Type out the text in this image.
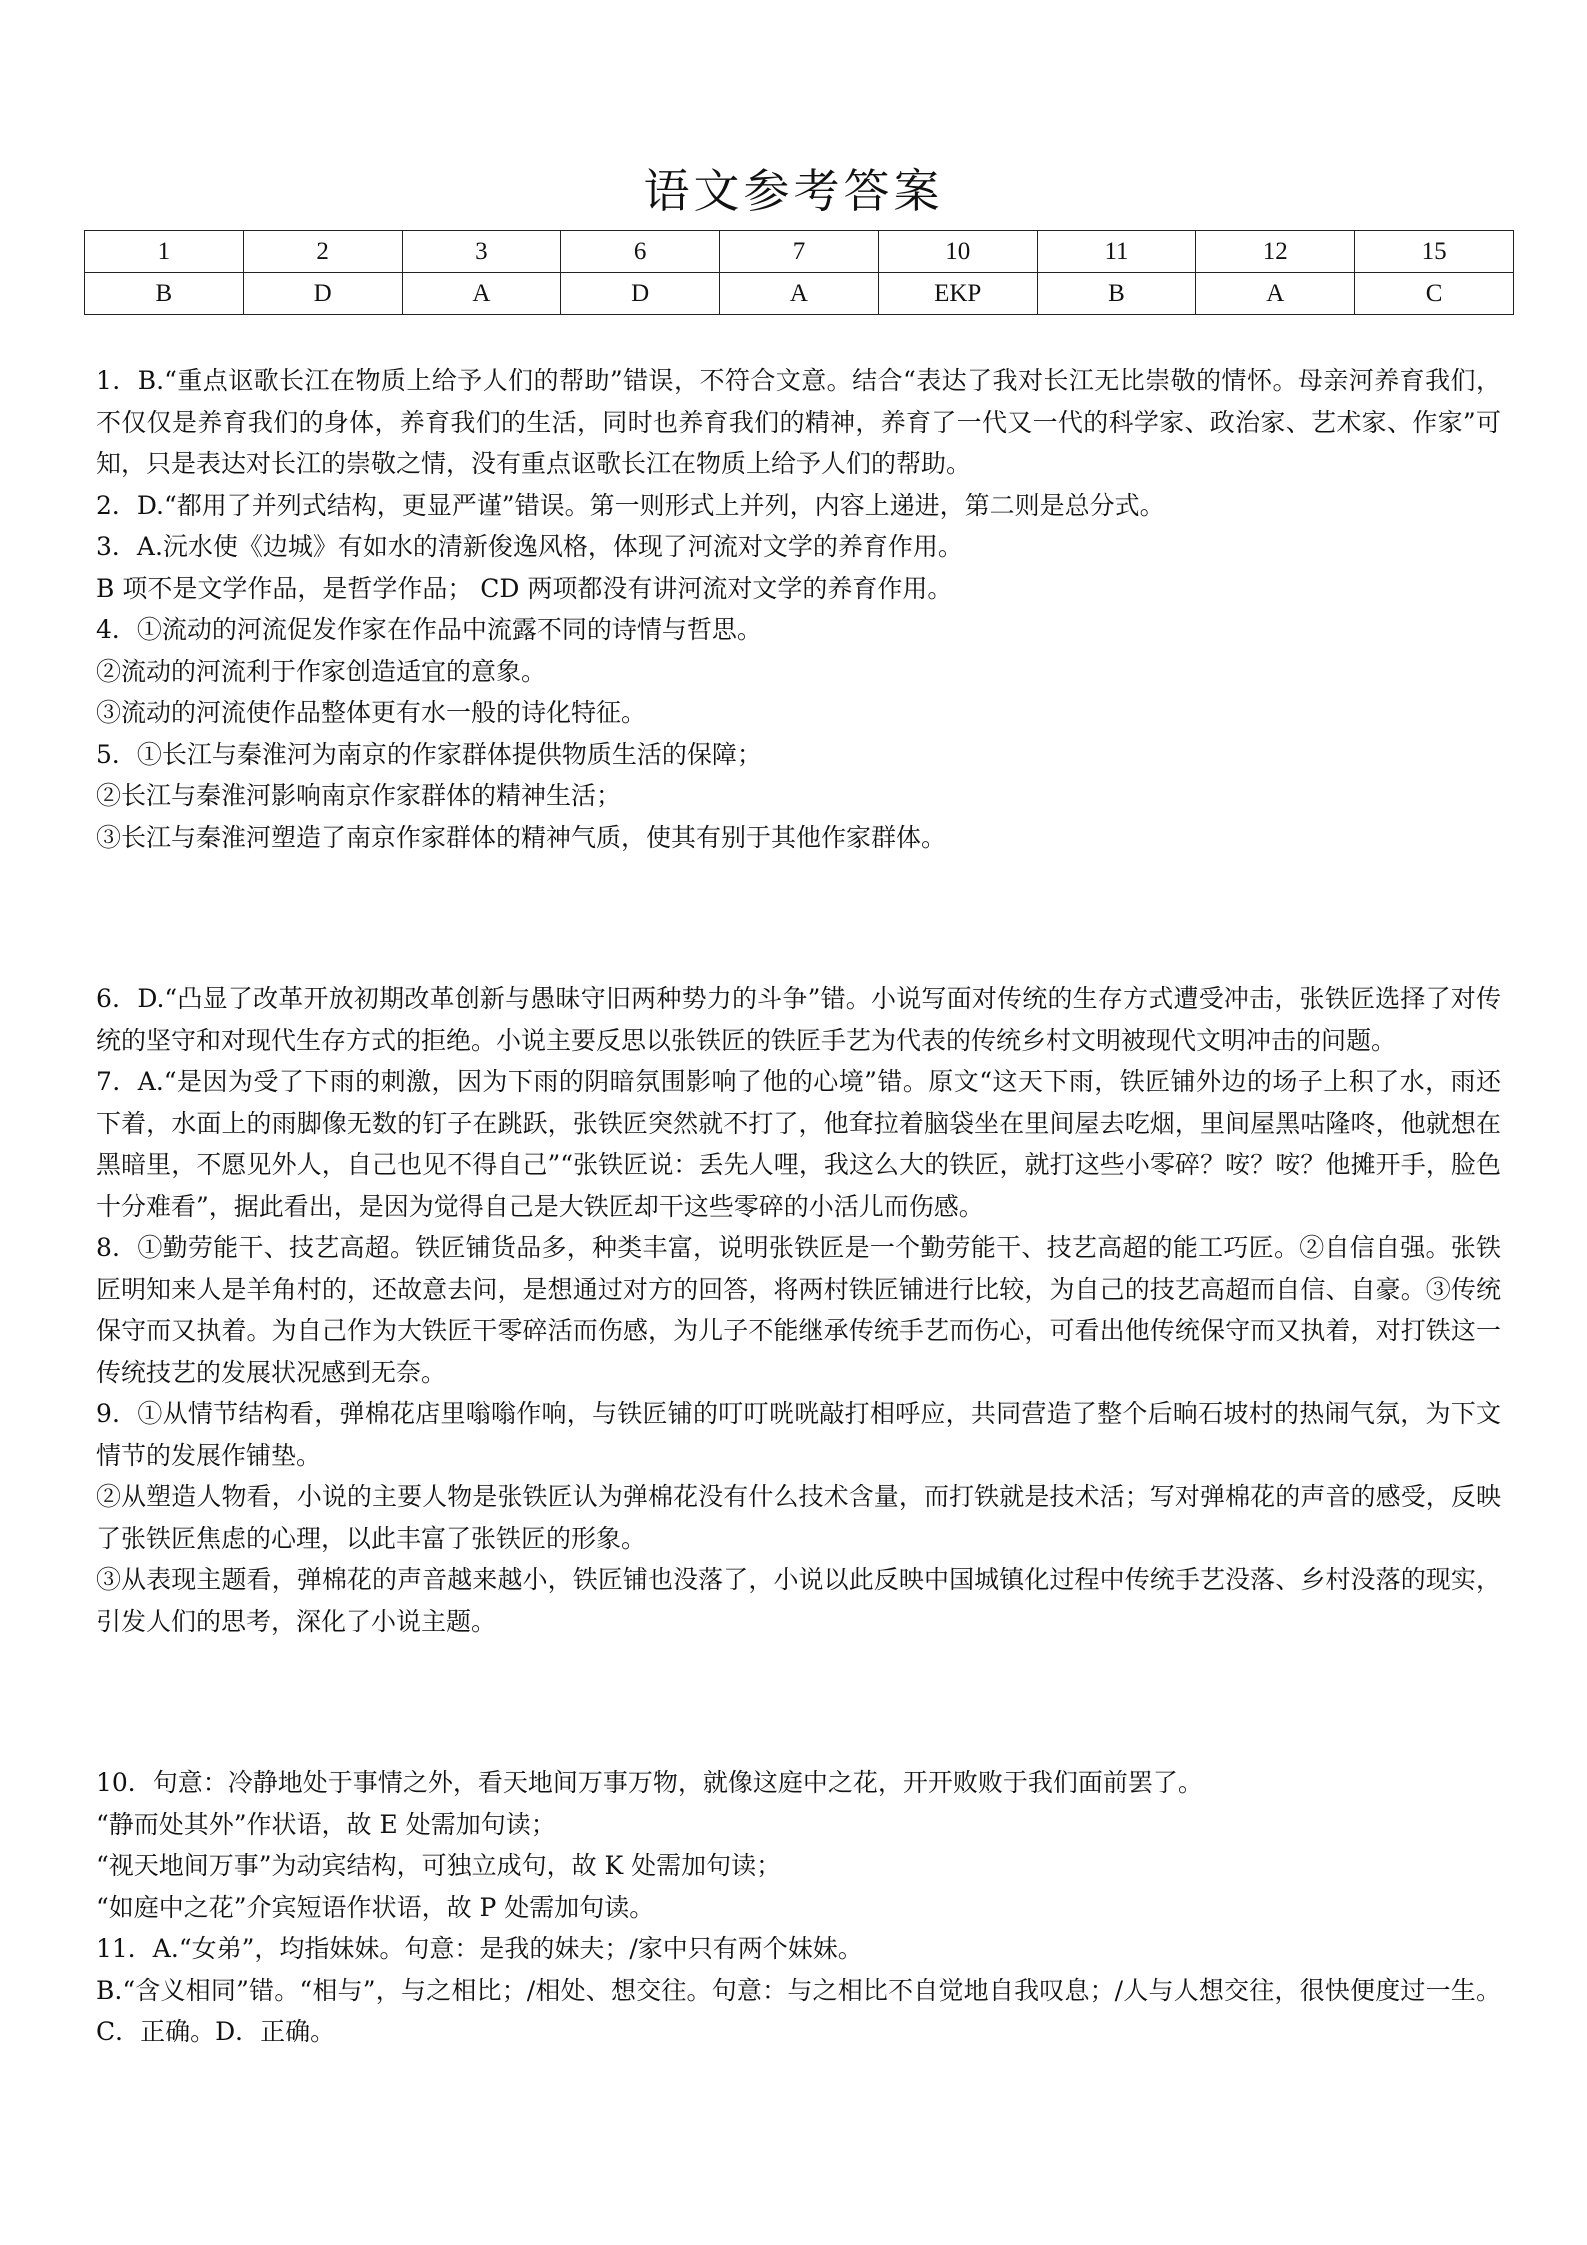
语文参考答案
1	2	3	6	7	10	11	12	15
B	D	A	D	A	EKP	B	A	C

1．B.“重点讴歌长江在物质上给予人们的帮助”错误，不符合文意。结合“表达了我对长江无比崇敬的情怀。母亲河养育我们，不仅仅是养育我们的身体，养育我们的生活，同时也养育我们的精神，养育了一代又一代的科学家、政治家、艺术家、作家”可知，只是表达对长江的崇敬之情，没有重点讴歌长江在物质上给予人们的帮助。

2．D.“都用了并列式结构，更显严谨”错误。第一则形式上并列，内容上递进，第二则是总分式。

3．A.沅水使《边城》有如水的清新俊逸风格，体现了河流对文学的养育作用。

B 项不是文学作品，是哲学作品； CD 两项都没有讲河流对文学的养育作用。

4．①流动的河流促发作家在作品中流露不同的诗情与哲思。

②流动的河流利于作家创造适宜的意象。

③流动的河流使作品整体更有水一般的诗化特征。

5．①长江与秦淮河为南京的作家群体提供物质生活的保障；

②长江与秦淮河影响南京作家群体的精神生活；

③长江与秦淮河塑造了南京作家群体的精神气质，使其有别于其他作家群体。

6．D.“凸显了改革开放初期改革创新与愚昧守旧两种势力的斗争”错。小说写面对传统的生存方式遭受冲击，张铁匠选择了对传统的坚守和对现代生存方式的拒绝。小说主要反思以张铁匠的铁匠手艺为代表的传统乡村文明被现代文明冲击的问题。

7．A.“是因为受了下雨的刺激，因为下雨的阴暗氛围影响了他的心境”错。原文“这天下雨，铁匠铺外边的场子上积了水，雨还下着，水面上的雨脚像无数的钉子在跳跃，张铁匠突然就不打了，他耷拉着脑袋坐在里间屋去吃烟，里间屋黑咕隆咚，他就想在黑暗里，不愿见外人，自己也见不得自己”“张铁匠说：丢先人哩，我这么大的铁匠，就打这些小零碎？咹？咹？他摊开手，脸色十分难看”，据此看出，是因为觉得自己是大铁匠却干这些零碎的小活儿而伤感。

8．①勤劳能干、技艺高超。铁匠铺货品多，种类丰富，说明张铁匠是一个勤劳能干、技艺高超的能工巧匠。②自信自强。张铁匠明知来人是羊角村的，还故意去问，是想通过对方的回答，将两村铁匠铺进行比较，为自己的技艺高超而自信、自豪。③传统保守而又执着。为自己作为大铁匠干零碎活而伤感，为儿子不能继承传统手艺而伤心，可看出他传统保守而又执着，对打铁这一传统技艺的发展状况感到无奈。

9．①从情节结构看，弹棉花店里嗡嗡作响，与铁匠铺的叮叮咣咣敲打相呼应，共同营造了整个后晌石坡村的热闹气氛，为下文情节的发展作铺垫。

②从塑造人物看，小说的主要人物是张铁匠认为弹棉花没有什么技术含量，而打铁就是技术活；写对弹棉花的声音的感受，反映了张铁匠焦虑的心理，以此丰富了张铁匠的形象。

③从表现主题看，弹棉花的声音越来越小，铁匠铺也没落了，小说以此反映中国城镇化过程中传统手艺没落、乡村没落的现实，引发人们的思考，深化了小说主题。

10．句意：冷静地处于事情之外，看天地间万事万物，就像这庭中之花，开开败败于我们面前罢了。

“静而处其外”作状语，故 E 处需加句读；

“视天地间万事”为动宾结构，可独立成句，故 K 处需加句读；

“如庭中之花”介宾短语作状语，故 P 处需加句读。

11．A.“女弟”，均指妹妹。句意：是我的妹夫；/家中只有两个妹妹。

B.“含义相同”错。“相与”，与之相比；/相处、想交往。句意：与之相比不自觉地自我叹息；/人与人想交往，很快便度过一生。C．正确。D．正确。
